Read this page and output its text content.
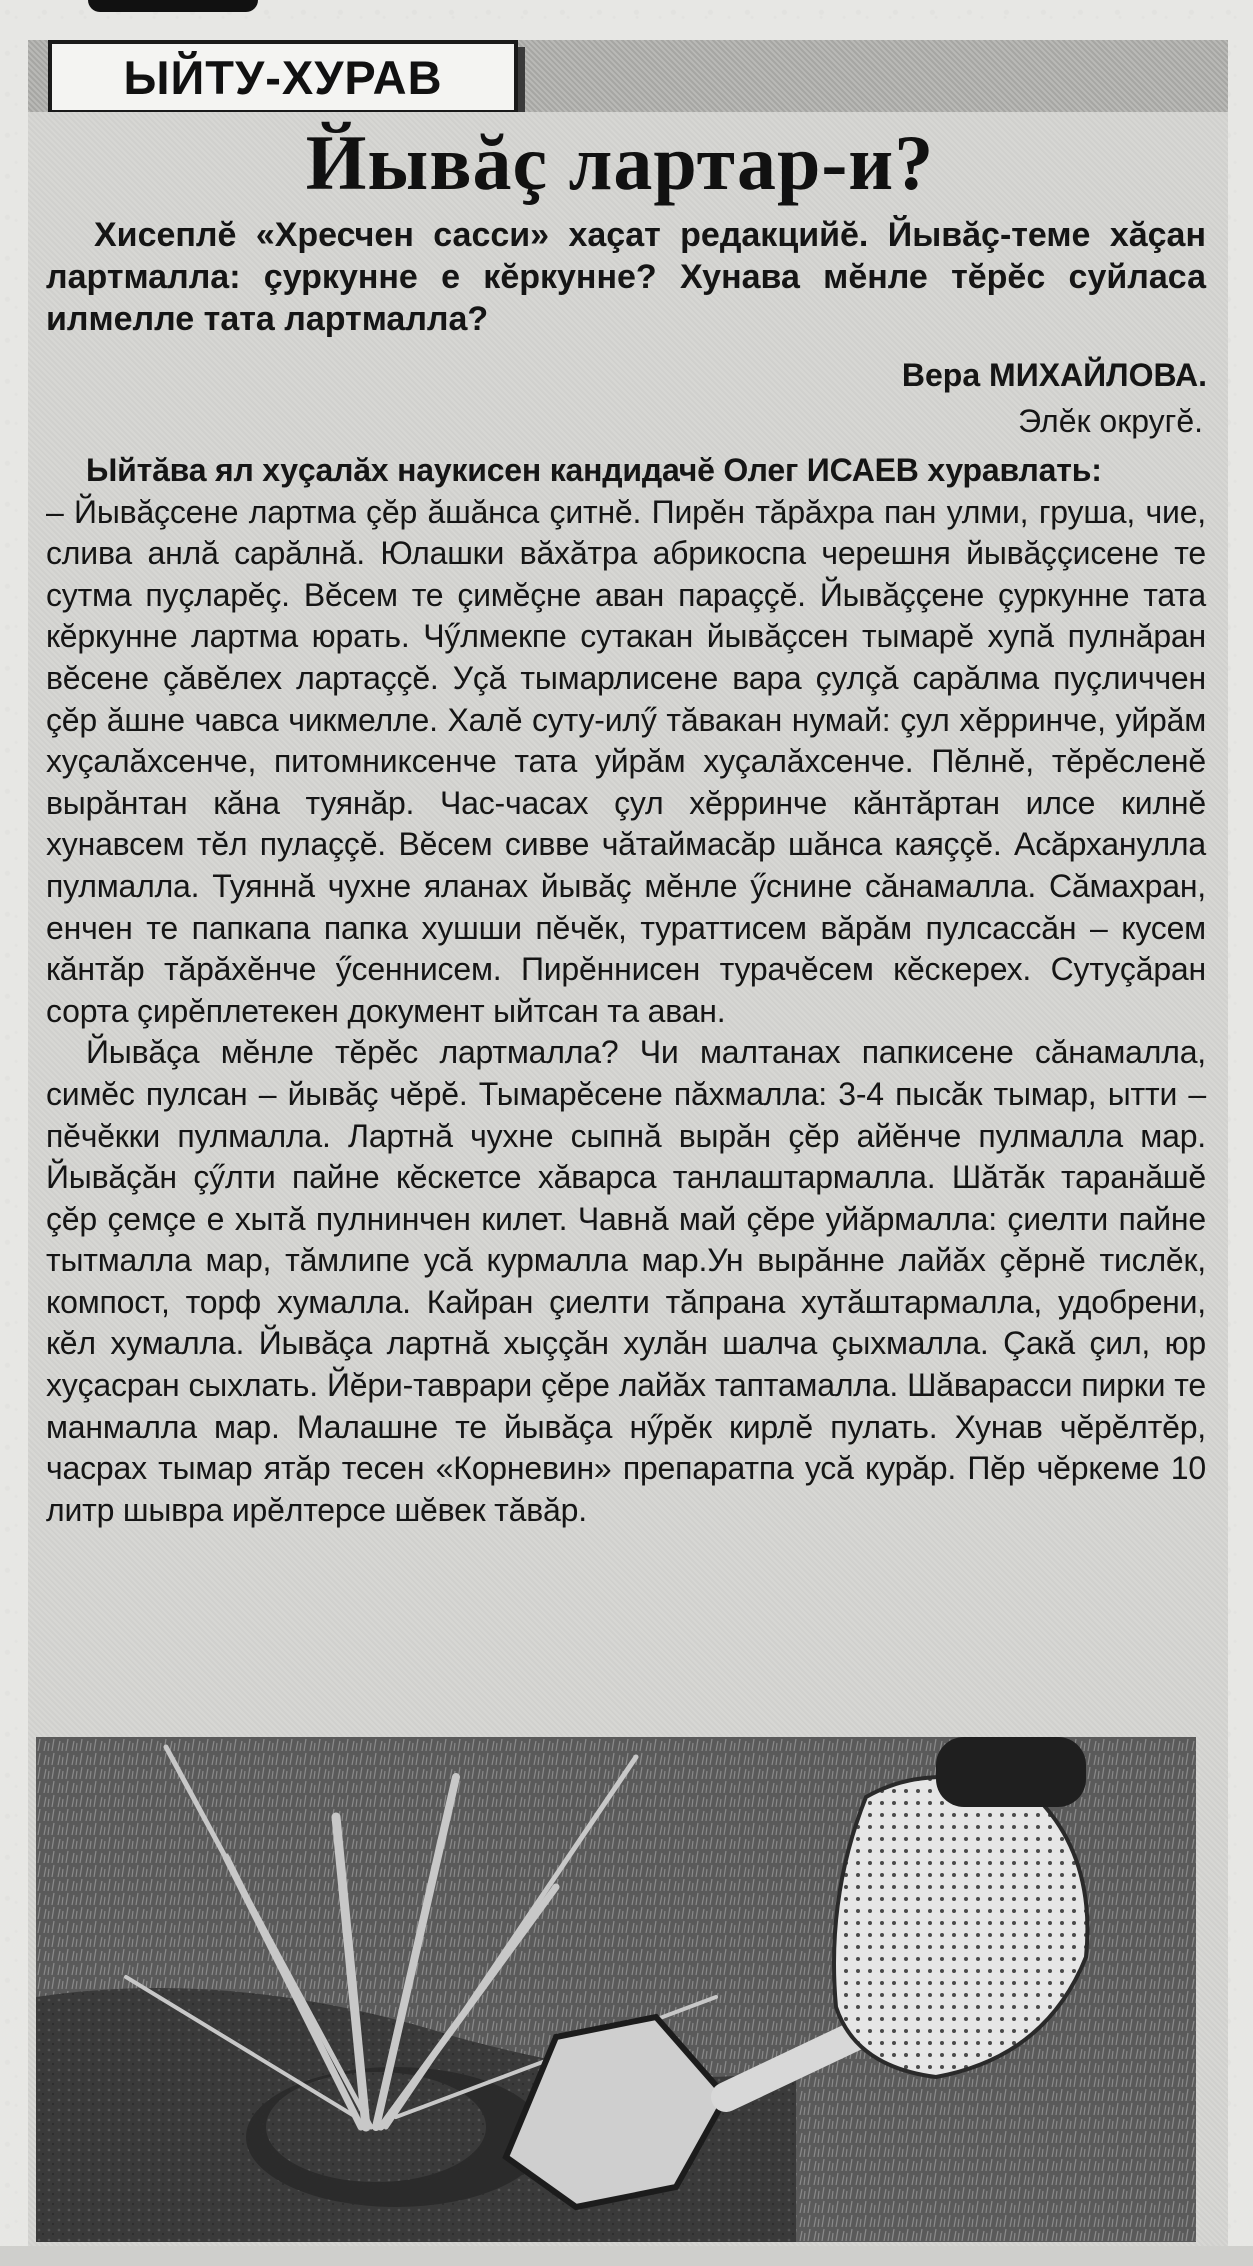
ЫЙТУ-ХУРАВ
Йывăç лартар-и?

Хисеплĕ «Хресчен сасси» хаçат редакцийĕ. Йывăç-теме хăçан лартмалла: çуркунне е кĕркунне? Хунава мĕнле тĕрĕс суйласа илмелле тата лартмалла?

Вера МИХАЙЛОВА.
Элĕк округĕ.

Ыйтăва ял хуçалăх наукисен кандидачĕ Олег ИСАЕВ хуравлать:

– Йывăçсене лартма çĕр ăшăнса çитнĕ. Пирĕн тăрăхра пан улми, груша, чие, слива анлă сарăлнă. Юлашки вăхăтра абрикоспа черешня йывăççисене те сутма пуçларĕç. Вĕсем те çимĕçне аван параççĕ. Йывăççене çуркунне тата кĕркунне лартма юрать. Чӳлмекпе сутакан йывăçсен тымарĕ хупă пулнăран вĕсене çăвĕлех лартаççĕ. Уçă тымарлисене вара çулçă сарăлма пуçличчен çĕр ăшне чавса чикмелле. Халĕ суту-илӳ тăвакан нумай: çул хĕрринче, уйрăм хуçалăхсенче, питомниксенче тата уйрăм хуçалăхсенче. Пĕлнĕ, тĕрĕсленĕ вырăнтан кăна туянăр. Час-часах çул хĕрринче кăнтăртан илсе килнĕ хунавсем тĕл пулаççĕ. Вĕсем сивве чăтаймасăр шăнса каяççĕ. Асăрханулла пулмалла. Туяннă чухне яланах йывăç мĕнле ӳснине сăнамалла. Сăмахран, енчен те папкапа папка хушши пĕчĕк, тураттисем вăрăм пулсассăн – кусем кăнтăр тăрăхĕнче ӳсеннисем. Пирĕннисен турачĕсем кĕскерех. Сутуçăран сорта çирĕплетекен документ ыйтсан та аван.

Йывăça мĕнле тĕрĕс лартмалла? Чи малтанах папкисене сăнамалла, симĕс пулсан – йывăç чĕрĕ. Тымарĕсене пăхмалла: 3-4 пысăк тымар, ытти – пĕчĕкки пулмалла. Лартнă чухне сыпнă вырăн çĕр айĕнче пулмалла мар. Йывăçăн çӳлти пайне кĕскетсе хăварса танлаштармалла. Шăтăк таранăшĕ çĕр çемçе е хытă пулнинчен килет. Чавнă май çĕре уйăрмалла: çиелти пайне тытмалла мар, тăмлипе усă курмалла мар.Ун вырăнне лайăх çĕрнĕ тислĕк, компост, торф хумалла. Кайран çиелти тăпрана хутăштармалла, удобрени, кĕл хумалла. Йывăça лартнă хыççăн хулăн шалча çыхмалла. Çакă çил, юр хуçасран сыхлать. Йĕри-таврари çĕре лайăх таптамалла. Шăварасси пирки те манмалла мар. Малашне те йывăça нӳрĕк кирлĕ пулать. Хунав чĕрĕлтĕр, часрах тымар ятăр тесен «Корневин» препаратпа усă курăр. Пĕр чĕркеме 10 литр шывра ирĕлтерсе шĕвек тăвăр.
